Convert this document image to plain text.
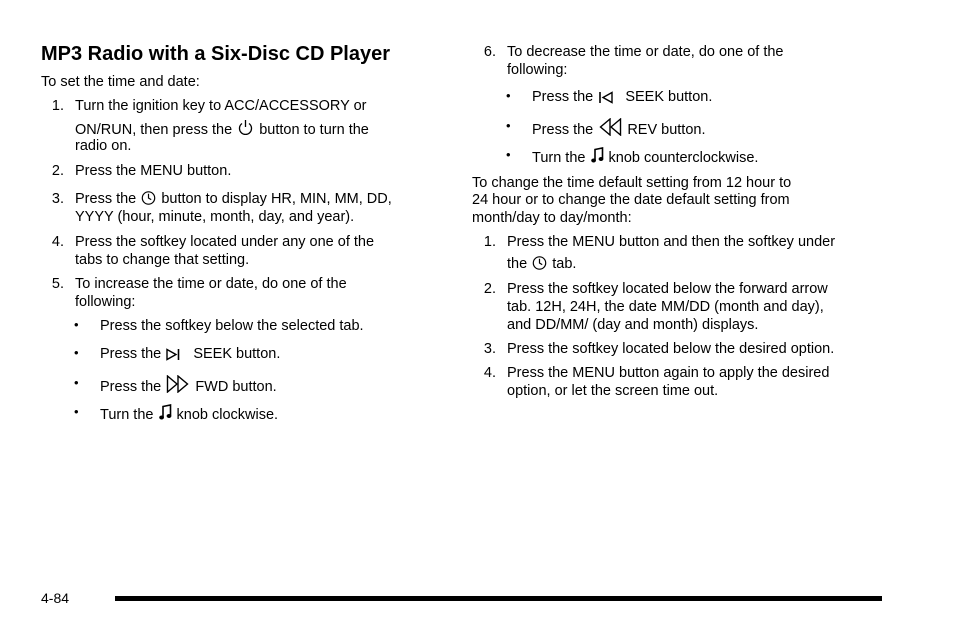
MP3 Radio with a Six-Disc CD Player

To set the time and date:

1. Turn the ignition key to ACC/ACCESSORY or

ON/RUN, then press the button to turn the

radio on.

2. Press the MENU button.

3. Press the button to display HR, MIN, MM, DD,

YYYY (hour, minute, month, day, and year).

4. Press the softkey located under any one of the

tabs to change that setting.

5. To increase the time or date, do one of the

following:

• Press the softkey below the selected tab.

• Press the SEEK button.

• Press the FWD button.

• Turn the knob clockwise.

6. To decrease the time or date, do one of the

following:

• Press the SEEK button.

• Press the REV button.

• Turn the knob counterclockwise.

To change the time default setting from 12 hour to

24 hour or to change the date default setting from

month/day to day/month:

1. Press the MENU button and then the softkey under

the tab.

2. Press the softkey located below the forward arrow

tab. 12H, 24H, the date MM/DD (month and day),

and DD/MM/ (day and month) displays.

3. Press the softkey located below the desired option.

4. Press the MENU button again to apply the desired

option, or let the screen time out.

4-84
